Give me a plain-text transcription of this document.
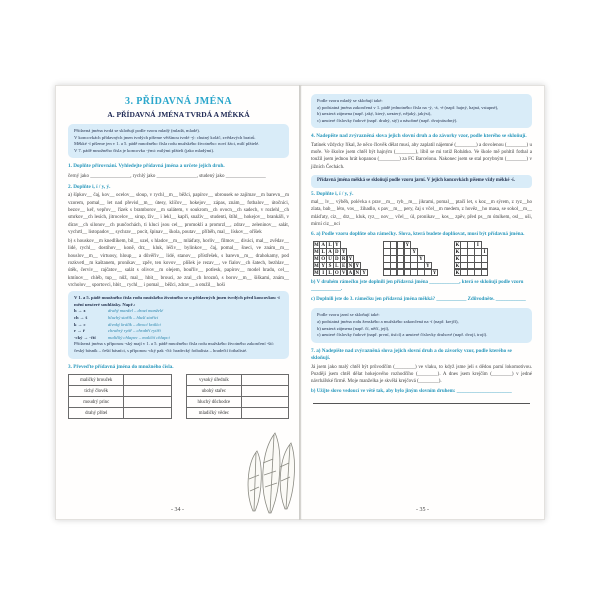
3. PŘÍDAVNÁ JMÉNA
A. PŘÍDAVNÁ JMÉNA TVRDÁ A MĚKKÁ
Přídavná jména tvrdá se skloňují podle vzoru mladý (mladá, mladé).
V koncovkách přídavných jmen tvrdých píšeme většinou tvrdé -ý: chutný koláč, zvědavých bratrů.
Měkké -í píšeme jen v 1. a 5. pádě množného čísla rodu mužského životného: noví žáci, milí přátelé.
V 7. pádě množného čísla je koncovka -ými: milými přáteli (jako mladými).
1. Doplňte přirovnání. Vyhledejte přídavná jména a určete jejich druh.
černý jako ________________, rychlý jako ________________, studený jako ________________
2. Doplňte i, í / y, ý.
a) šípkov__ čaj, kov__ ocelov__ sloup, v rychl__m__ běžci, papírov__ ubrousek se zajímav__m barevn__m vzorem, pomal__ let nad převisl__m__ útesy, klíčov__ hokejov__ zápas, znám__ fotbalov__ útočníci, bezov__ keř, vepřov__ řízek s bramborov__m salátem, v soukrom__ch ovocn__ch sadech, v rozlehl__ch smrkov__ch lesích, jitrocelov__ sirup, živ__ i lekl__ kapři, snaživ__ studenti, štíhl__ hokejov__ brankáři, v dírav__ch silonov__ch punčochách, ti kluci jsou cel__ promoklí a promrzl__, zdrav__ zeleninov__ salát, vychrtl__ listopadov__ sychrav__ pocit, špinav__ škola, poutav__ příběh, mal__ lískov__ oříšek
b) s houskov__m knedlíkem, bíl__ uzel, s hladov__m__ mláďaty, horliv__ filmov__ diváci, mal__ zvědav__ lidé, rychl__ dostihov__ koně, drz__ kluk, léčiv__ bylinkov__ čaj, pomal__ šneci, ve znám__m__ houslov__m__ virtuosy, hloup__ a důvěřiv__ lidé, stanov__ přístřešek, s barevn__m__ drahokamy, pod rozkvetl__m kaštanem, pronikav__ zpěv, ten kovov__ plíšek je rezav__, ve fialov__ch šatech, bezhlav__ útěk, červiv__ rajčatov__ salát s olivov__m olejem, bouřliv__ potlesk, papírov__ model hradu, cel__ kmínov__ chléb, tup__ nůž, mal__ hbit__ brouci, ze zral__ch hroznů, s borov__m__ šiškami, znám__ vrcholov__ sportovci, hbit__ rychl__ i pomal__ běžci, zdrav__ a otužil__ hoši
V 1. a 5. pádě množného čísla rodu mužského životného se u přídavných jmen tvrdých před koncovkou -í mění некteré souhlásky. Např.:
h → z	drahý manžel – drazí manželé
ch → š	hluchý stařík – hluší staříci
k → c	divoký králík – divocí králíci
r → ř	chrabrý rytíř – chrabří rytíři
-cký → -čtí	maličký chlapec – maličtí chlapci
Přídavná jména s příponou -ský mají v 1. a 5. pádě množného čísla rodu mužského životného zakončení -ští: český básník – čeští básníci, s příponou -cký pak -čtí: hradecký fotbalista – hradečtí fotbalisté.
3. Převeďte přídavná jména do množného čísla.
maličký brouček	
tichý člověk	
moudrý princ	
drahý přítel	
vysoký úředník	
ubohý stařec	
hluchý důchodce	
mladičký vědec	
- 34 -
Podle vzoru mladý se skloňují také:
a) podstatná jména zakončená v 1. pádě jednotného čísla na -ý, -á, -é (např. hajný, hajná, vstupné),
b) некterá zájmena (např. jaký, který, некterý, nějaký, jakýsi),
c) некteré číslovky řadové (např. druhý, stý) a násobné (např. dvojnásobný).
4. Nadepište nad zvýrazněná slova jejich slovní druh a do závorky vzor, podle kterého se skloňují.
Tatínek vždycky říkal, že něco člověk dělat musí, aby zaplatil nájemné (________) a dovolenou (________) u moře. Ve školce jsem chtěl být hajným (________), líbil se mi totiž Robátko. Ve škole mě pohltil fotbal a toužil jsem jednou hrát kopanou (________) za FC Barcelonu. Nakonec jsem se stal porybným (________) v jižních Čechách.
Přídavná jména měkká se skloňují podle vzoru jarní. V jejich koncovkách píšeme vždy měkké -í.
5. Doplňte i, í / y, ý.
mal__ lv__ výběh, polévka s prav__m__ ryb__m__ jikrami, pomal__ ptačí let, s koz__m sýrem, z ryz__ho zlata, bab__ léto, vos__ žihadlo, s pav__m__ pery, čaj s včel__m medem, z hověz__ho masa, se sokol__m__ mláďaty, ciz__ drz__ kluk, ryz__ nov__ včel__ úl, pronikav__ kos__ zpěv, před ps__m útulkem, osl__ uši, mírní ciz__nci
6. a) Podle vzoru doplňte oba rámečky. Slova, která budete doplňovat, musí být přídavná jména.
M A L Ý
M L A D Ý
M O U D R Ý
M Y Š L E N Ý
M I L O V A N Ý
Ý
Ý
Ý
Ý
Ý
K	Í
K	Í
K
K
K
b) V druhém rámečku jste doplnili jen přídavná jména ____________, která se skloňují podle vzoru ____________.
c) Doplnili jste do 3. rámečku jen přídavná jména měkká? ____________ Zdůvodněte. ____________
Podle vzoru jarní se skloňují také:
a) podstatná jména rodu ženského a mužského zakončená na -í (např. krejčí),
b) некterá zájmena (např. čí, něčí, její),
c) некteré číslovky řadové (např. první, tisící) a некteré číslovky druhové (např. dvojí, trojí).
7. a) Nadepište nad zvýrazněná slova jejich slovní druh a do závorky vzor, podle kterého se skloňují.
Já jsem jako malý chtěl být průvodčím (________) ve vlaku, to když jsme jeli s dědou parní lokomotivou. Později jsem chtěl dělat hokejového rozhodčího (________). A dnes jsem krejčím (________) v jedné návrhářské firmě. Moje manželka je skvělá krejčová (________).
b) Užijte slovo vedoucí ve větě tak, aby bylo jiným slovním druhem: ______________________
- 35 -
